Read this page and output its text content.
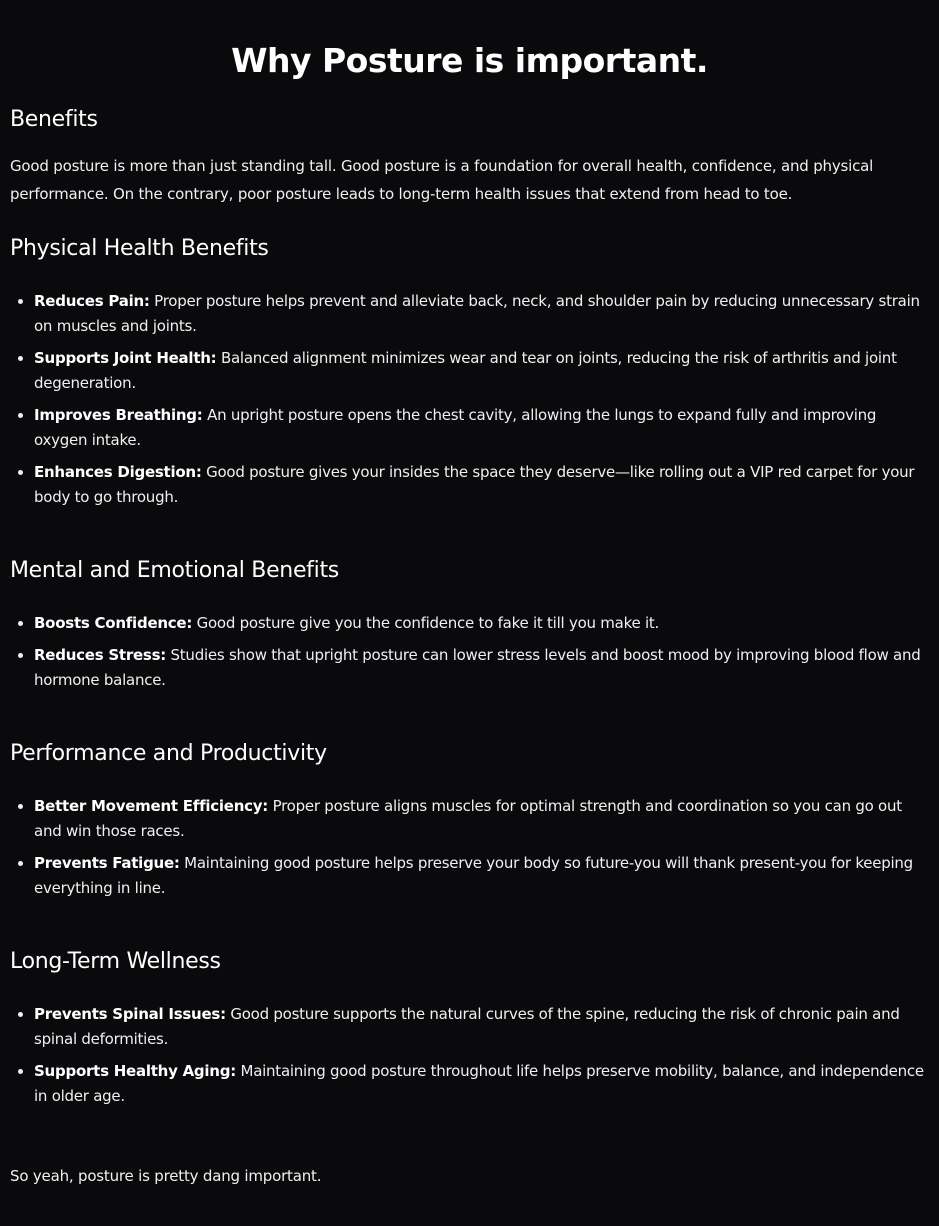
Why Posture is important.
Benefits

Good posture is more than just standing tall. Good posture is a foundation for overall health, confidence, and physical performance. On the contrary, poor posture leads to long-term health issues that extend from head to toe.

Physical Health Benefits
• Reduces Pain: Proper posture helps prevent and alleviate back, neck, and shoulder pain by reducing unnecessary strain on muscles and joints.
• Supports Joint Health: Balanced alignment minimizes wear and tear on joints, reducing the risk of arthritis and joint degeneration.
• Improves Breathing: An upright posture opens the chest cavity, allowing the lungs to expand fully and improving oxygen intake.
• Enhances Digestion: Good posture gives your insides the space they deserve—like rolling out a VIP red carpet for your body to go through.
Mental and Emotional Benefits
• Boosts Confidence: Good posture give you the confidence to fake it till you make it.
• Reduces Stress: Studies show that upright posture can lower stress levels and boost mood by improving blood flow and hormone balance.
Performance and Productivity
• Better Movement Efficiency: Proper posture aligns muscles for optimal strength and coordination so you can go out and win those races.
• Prevents Fatigue: Maintaining good posture helps preserve your body so future-you will thank present-you for keeping everything in line.
Long-Term Wellness
• Prevents Spinal Issues: Good posture supports the natural curves of the spine, reducing the risk of chronic pain and spinal deformities.
• Supports Healthy Aging: Maintaining good posture throughout life helps preserve mobility, balance, and independence in older age.

So yeah, posture is pretty dang important.
